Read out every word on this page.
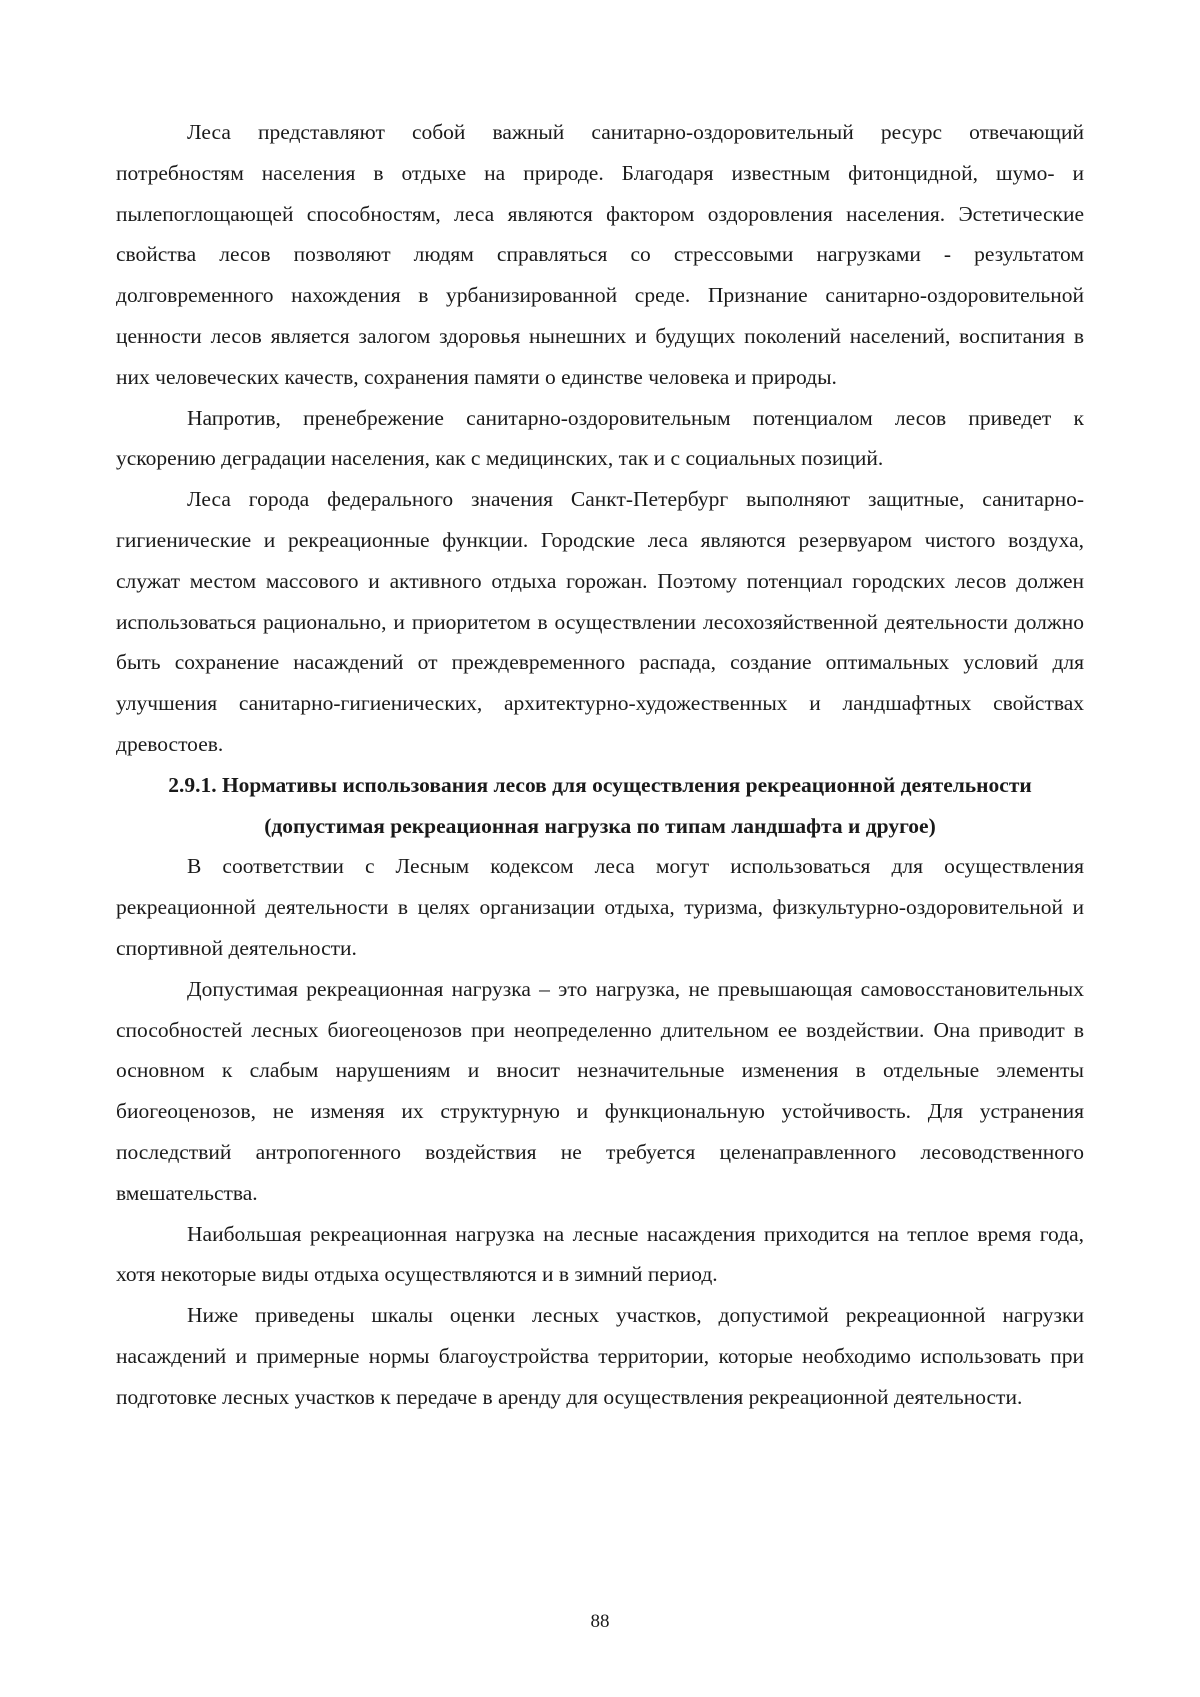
Леса представляют собой важный санитарно-оздоровительный ресурс отвечающий потребностям населения в отдыхе на природе. Благодаря известным фитонцидной, шумо- и пылепоглощающей способностям, леса являются фактором оздоровления населения. Эстетические свойства лесов позволяют людям справляться со стрессовыми нагрузками - результатом долговременного нахождения в урбанизированной среде. Признание санитарно-оздоровительной ценности лесов является залогом здоровья нынешних и будущих поколений населений, воспитания в них человеческих качеств, сохранения памяти о единстве человека и природы.

Напротив, пренебрежение санитарно-оздоровительным потенциалом лесов приведет к ускорению деградации населения, как с медицинских, так и с социальных позиций.

Леса города федерального значения Санкт-Петербург выполняют защитные, санитарно-гигиенические и рекреационные функции. Городские леса являются резервуаром чистого воздуха, служат местом массового и активного отдыха горожан. Поэтому потенциал городских лесов должен использоваться рационально, и приоритетом в осуществлении лесохозяйственной деятельности должно быть сохранение насаждений от преждевременного распада, создание оптимальных условий для улучшения санитарно-гигиенических, архитектурно-художественных и ландшафтных свойствах древостоев.

2.9.1. Нормативы использования лесов для осуществления рекреационной деятельности (допустимая рекреационная нагрузка по типам ландшафта и другое)

В соответствии с Лесным кодексом леса могут использоваться для осуществления рекреационной деятельности в целях организации отдыха, туризма, физкультурно-оздоровительной и спортивной деятельности.

Допустимая рекреационная нагрузка – это нагрузка, не превышающая самовосстановительных способностей лесных биогеоценозов при неопределенно длительном ее воздействии. Она приводит в основном к слабым нарушениям и вносит незначительные изменения в отдельные элементы биогеоценозов, не изменяя их структурную и функциональную устойчивость. Для устранения последствий антропогенного воздействия не требуется целенаправленного лесоводственного вмешательства.

Наибольшая рекреационная нагрузка на лесные насаждения приходится на теплое время года, хотя некоторые виды отдыха осуществляются и в зимний период.

Ниже приведены шкалы оценки лесных участков, допустимой рекреационной нагрузки насаждений и примерные нормы благоустройства территории, которые необходимо использовать при подготовке лесных участков к передаче в аренду для осуществления рекреационной деятельности.

88
